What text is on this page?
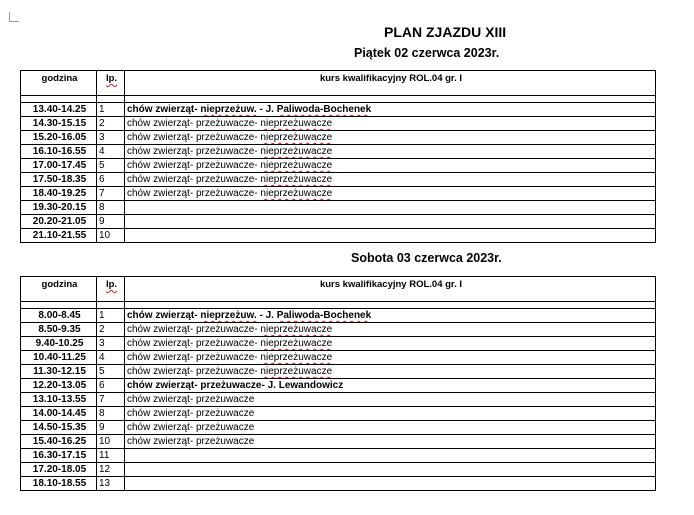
PLAN ZJAZDU XIII
Piątek 02 czerwca 2023r.
godzina	lp.	kurs kwalifikacyjny ROL.04 gr. I

13.40-14.25	1	chów zwierząt- nieprzeżuw. - J. Paliwoda-Bochenek
14.30-15.15	2	chów zwierząt- przeżuwacze- nieprzeżuwacze
15.20-16.05	3	chów zwierząt- przeżuwacze- nieprzeżuwacze
16.10-16.55	4	chów zwierząt- przeżuwacze- nieprzeżuwacze
17.00-17.45	5	chów zwierząt- przeżuwacze- nieprzeżuwacze
17.50-18.35	6	chów zwierząt- przeżuwacze- nieprzeżuwacze
18.40-19.25	7	chów zwierząt- przeżuwacze- nieprzeżuwacze
19.30-20.15	8	
20.20-21.05	9	
21.10-21.55	10	
Sobota 03 czerwca 2023r.
godzina	lp.	kurs kwalifikacyjny ROL.04 gr. I

8.00-8.45	1	chów zwierząt- nieprzeżuw. - J. Paliwoda-Bochenek
8.50-9.35	2	chów zwierząt- przeżuwacze- nieprzeżuwacze
9.40-10.25	3	chów zwierząt- przeżuwacze- nieprzeżuwacze
10.40-11.25	4	chów zwierząt- przeżuwacze- nieprzeżuwacze
11.30-12.15	5	chów zwierząt- przeżuwacze- nieprzeżuwacze
12.20-13.05	6	chów zwierząt- przeżuwacze- J. Lewandowicz
13.10-13.55	7	chów zwierząt- przeżuwacze
14.00-14.45	8	chów zwierząt- przeżuwacze
14.50-15.35	9	chów zwierząt- przeżuwacze
15.40-16.25	10	chów zwierząt- przeżuwacze
16.30-17.15	11	
17.20-18.05	12	
18.10-18.55	13	
